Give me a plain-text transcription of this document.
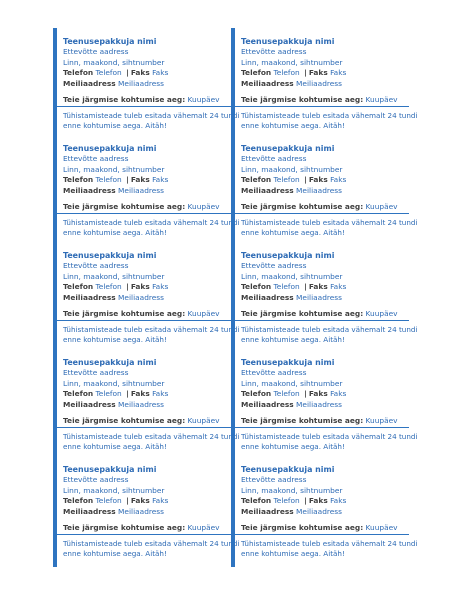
Teenusepakkuja nimi
Ettevõtte aadress
Linn, maakond, sihtnumber
Telefon Telefon | Faks Faks
Meiliaadress Meiliaadress
Teie järgmise kohtumise aeg: Kuupäev
Tühistamisteade tuleb esitada vähemalt 24 tundi
enne kohtumise aega. Aitäh!
Teenusepakkuja nimi
Ettevõtte aadress
Linn, maakond, sihtnumber
Telefon Telefon | Faks Faks
Meiliaadress Meiliaadress
Teie järgmise kohtumise aeg: Kuupäev
Tühistamisteade tuleb esitada vähemalt 24 tundi
enne kohtumise aega. Aitäh!
Teenusepakkuja nimi
Ettevõtte aadress
Linn, maakond, sihtnumber
Telefon Telefon | Faks Faks
Meiliaadress Meiliaadress
Teie järgmise kohtumise aeg: Kuupäev
Tühistamisteade tuleb esitada vähemalt 24 tundi
enne kohtumise aega. Aitäh!
Teenusepakkuja nimi
Ettevõtte aadress
Linn, maakond, sihtnumber
Telefon Telefon | Faks Faks
Meiliaadress Meiliaadress
Teie järgmise kohtumise aeg: Kuupäev
Tühistamisteade tuleb esitada vähemalt 24 tundi
enne kohtumise aega. Aitäh!
Teenusepakkuja nimi
Ettevõtte aadress
Linn, maakond, sihtnumber
Telefon Telefon | Faks Faks
Meiliaadress Meiliaadress
Teie järgmise kohtumise aeg: Kuupäev
Tühistamisteade tuleb esitada vähemalt 24 tundi
enne kohtumise aega. Aitäh!
Teenusepakkuja nimi
Ettevõtte aadress
Linn, maakond, sihtnumber
Telefon Telefon | Faks Faks
Meiliaadress Meiliaadress
Teie järgmise kohtumise aeg: Kuupäev
Tühistamisteade tuleb esitada vähemalt 24 tundi
enne kohtumise aega. Aitäh!
Teenusepakkuja nimi
Ettevõtte aadress
Linn, maakond, sihtnumber
Telefon Telefon | Faks Faks
Meiliaadress Meiliaadress
Teie järgmise kohtumise aeg: Kuupäev
Tühistamisteade tuleb esitada vähemalt 24 tundi
enne kohtumise aega. Aitäh!
Teenusepakkuja nimi
Ettevõtte aadress
Linn, maakond, sihtnumber
Telefon Telefon | Faks Faks
Meiliaadress Meiliaadress
Teie järgmise kohtumise aeg: Kuupäev
Tühistamisteade tuleb esitada vähemalt 24 tundi
enne kohtumise aega. Aitäh!
Teenusepakkuja nimi
Ettevõtte aadress
Linn, maakond, sihtnumber
Telefon Telefon | Faks Faks
Meiliaadress Meiliaadress
Teie järgmise kohtumise aeg: Kuupäev
Tühistamisteade tuleb esitada vähemalt 24 tundi
enne kohtumise aega. Aitäh!
Teenusepakkuja nimi
Ettevõtte aadress
Linn, maakond, sihtnumber
Telefon Telefon | Faks Faks
Meiliaadress Meiliaadress
Teie järgmise kohtumise aeg: Kuupäev
Tühistamisteade tuleb esitada vähemalt 24 tundi
enne kohtumise aega. Aitäh!
